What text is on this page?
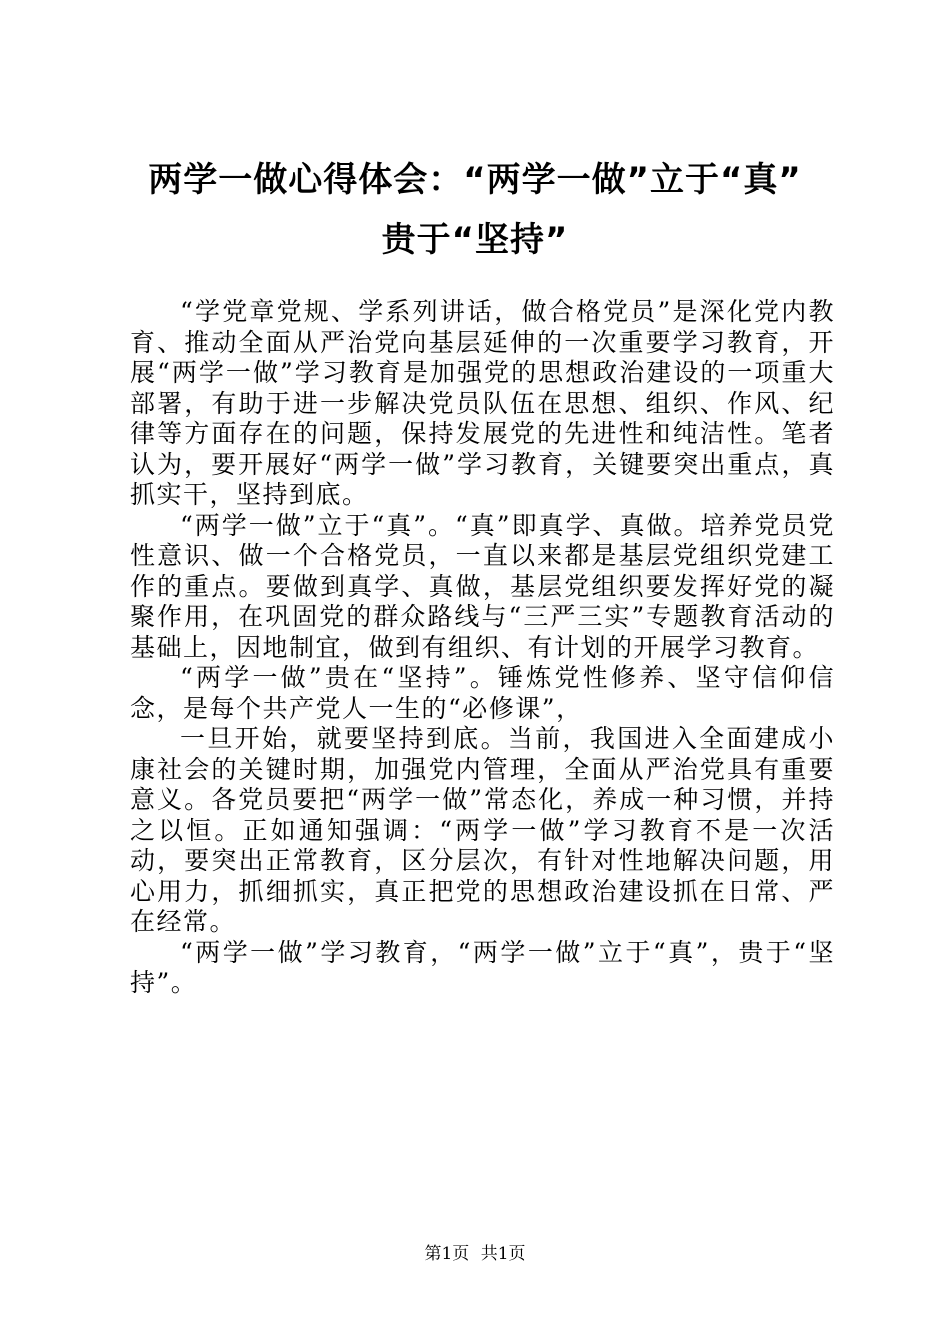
两学一做心得体会：“两学一做”立于“真”
贵于“坚持”

“学党章党规、学系列讲话，做合格党员”是深化党内教育、推动全面从严治党向基层延伸的一次重要学习教育，开展“两学一做”学习教育是加强党的思想政治建设的一项重大部署，有助于进一步解决党员队伍在思想、组织、作风、纪律等方面存在的问题，保持发展党的先进性和纯洁性。笔者认为，要开展好“两学一做”学习教育，关键要突出重点，真抓实干，坚持到底。

“两学一做”立于“真”。“真”即真学、真做。培养党员党性意识、做一个合格党员，一直以来都是基层党组织党建工作的重点。要做到真学、真做，基层党组织要发挥好党的凝聚作用，在巩固党的群众路线与“三严三实”专题教育活动的基础上，因地制宜，做到有组织、有计划的开展学习教育。

“两学一做”贵在“坚持”。锤炼党性修养、坚守信仰信念，是每个共产党人一生的“必修课”，

一旦开始，就要坚持到底。当前，我国进入全面建成小康社会的关键时期，加强党内管理，全面从严治党具有重要意义。各党员要把“两学一做”常态化，养成一种习惯，并持之以恒。正如通知强调：“两学一做”学习教育不是一次活动，要突出正常教育，区分层次，有针对性地解决问题，用心用力，抓细抓实，真正把党的思想政治建设抓在日常、严在经常。

“两学一做”学习教育，“两学一做”立于“真”，贵于“坚持”。

第1页 共1页
